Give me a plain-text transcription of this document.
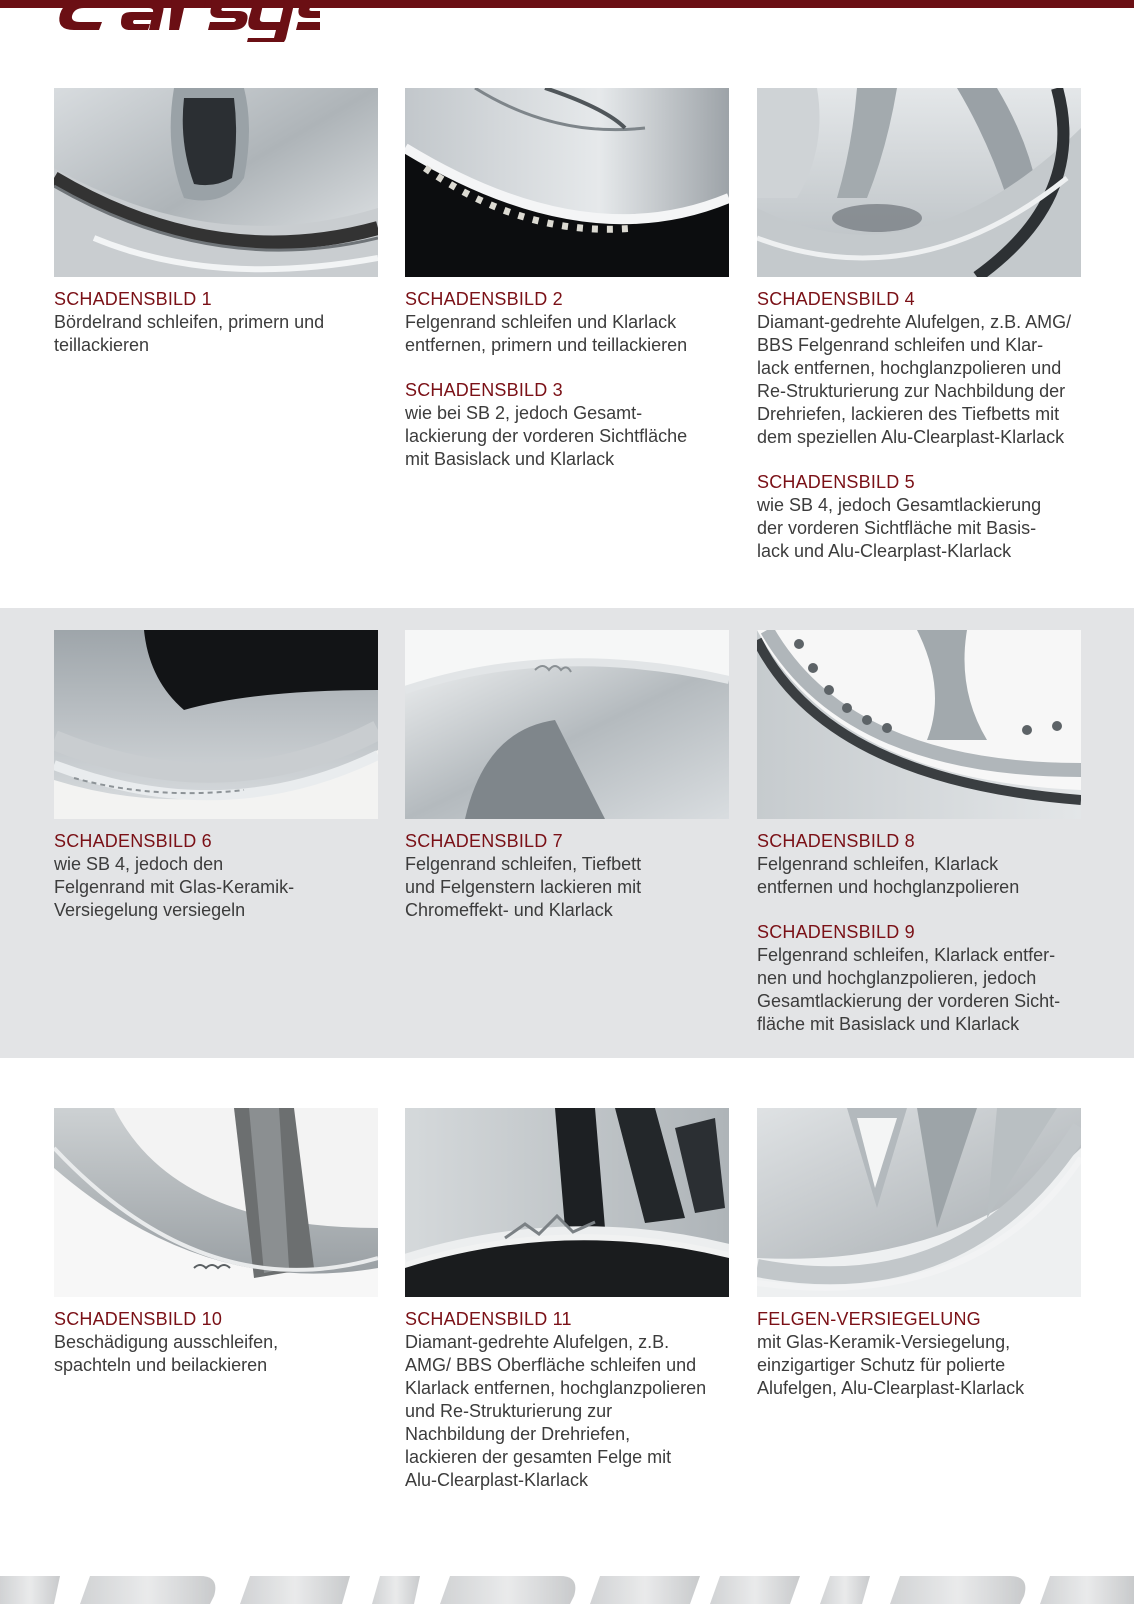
SCHADENSBILD 1
Bördelrand schleifen, primern und
teillackieren
SCHADENSBILD 2
Felgenrand schleifen und Klarlack
entfernen, primern und teillackieren
SCHADENSBILD 3
wie bei SB 2, jedoch Gesamt-
lackierung der vorderen Sichtfläche
mit Basislack und Klarlack
SCHADENSBILD 4
Diamant-gedrehte Alufelgen, z.B. AMG/
BBS Felgenrand schleifen und Klar-
lack entfernen, hochglanzpolieren und
Re-Strukturierung zur Nachbildung der
Drehriefen, lackieren des Tiefbetts mit
dem speziellen Alu-Clearplast-Klarlack
SCHADENSBILD 5
wie SB 4, jedoch Gesamtlackierung
der vorderen Sichtfläche mit Basis-
lack und Alu-Clearplast-Klarlack
SCHADENSBILD 6
wie SB 4, jedoch den
Felgenrand mit Glas-Keramik-
Versiegelung versiegeln
SCHADENSBILD 7
Felgenrand schleifen, Tiefbett
und Felgenstern lackieren mit
Chromeffekt- und Klarlack
SCHADENSBILD 8
Felgenrand schleifen, Klarlack
entfernen und hochglanzpolieren
SCHADENSBILD 9
Felgenrand schleifen, Klarlack entfer-
nen und hochglanzpolieren, jedoch
Gesamtlackierung der vorderen Sicht-
fläche mit Basislack und Klarlack
SCHADENSBILD 10
Beschädigung ausschleifen,
spachteln und beilackieren
SCHADENSBILD 11
Diamant-gedrehte Alufelgen, z.B.
AMG/ BBS Oberfläche schleifen und
Klarlack entfernen, hochglanzpolieren
und Re-Strukturierung zur
Nachbildung der Drehriefen,
lackieren der gesamten Felge mit
Alu-Clearplast-Klarlack
FELGEN-VERSIEGELUNG
mit Glas-Keramik-Versiegelung,
einzigartiger Schutz für polierte
Alufelgen, Alu-Clearplast-Klarlack
